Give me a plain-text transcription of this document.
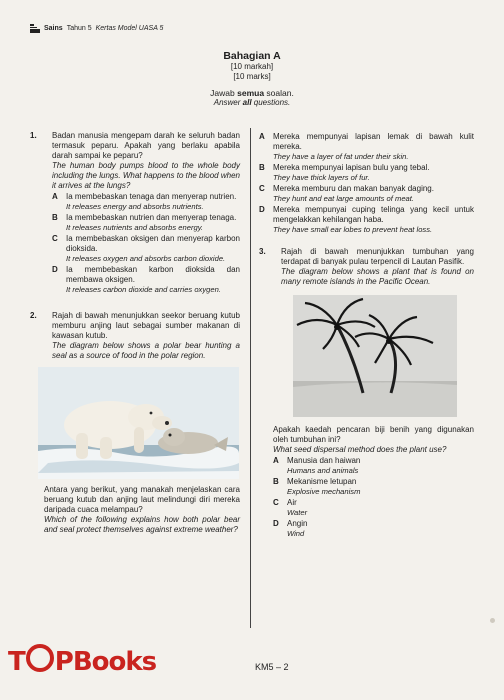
Sains Tahun 5 Kertas Model UASA 5
Bahagian A
[10 markah]
[10 marks]
Jawab semua soalan.
Answer all questions.
1. Badan manusia mengepam darah ke seluruh badan termasuk peparu. Apakah yang berlaku apabila darah sampai ke peparu?
The human body pumps blood to the whole body including the lungs. What happens to the blood when it arrives at the lungs?
A Ia membebaskan tenaga dan menyerap nutrien.
It releases energy and absorbs nutrients.
B Ia membebaskan nutrien dan menyerap tenaga.
It releases nutrients and absorbs energy.
C Ia membebaskan oksigen dan menyerap karbon dioksida.
It releases oxygen and absorbs carbon dioxide.
D Ia membebaskan karbon dioksida dan membawa oksigen.
It releases carbon dioxide and carries oxygen.
2. Rajah di bawah menunjukkan seekor beruang kutub memburu anjing laut sebagai sumber makanan di kawasan kutub.
The diagram below shows a polar bear hunting a seal as a source of food in the polar region.
Antara yang berikut, yang manakah menjelaskan cara beruang kutub dan anjing laut melindungi diri mereka daripada cuaca melampau?
Which of the following explains how both polar bear and seal protect themselves against extreme weather?
A Mereka mempunyai lapisan lemak di bawah kulit mereka.
They have a layer of fat under their skin.
B Mereka mempunyai lapisan bulu yang tebal.
They have thick layers of fur.
C Mereka memburu dan makan banyak daging.
They hunt and eat large amounts of meat.
D Mereka mempunyai cuping telinga yang kecil untuk mengelakkan kehilangan haba.
They have small ear lobes to prevent heat loss.
3. Rajah di bawah menunjukkan tumbuhan yang terdapat di banyak pulau terpencil di Lautan Pasifik.
The diagram below shows a plant that is found on many remote islands in the Pacific Ocean.
Apakah kaedah pencaran biji benih yang digunakan oleh tumbuhan ini?
What seed dispersal method does the plant use?
A Manusia dan haiwan
Humans and animals
B Mekanisme letupan
Explosive mechanism
C Air
Water
D Angin
Wind
T PBooks	KM5 – 2
